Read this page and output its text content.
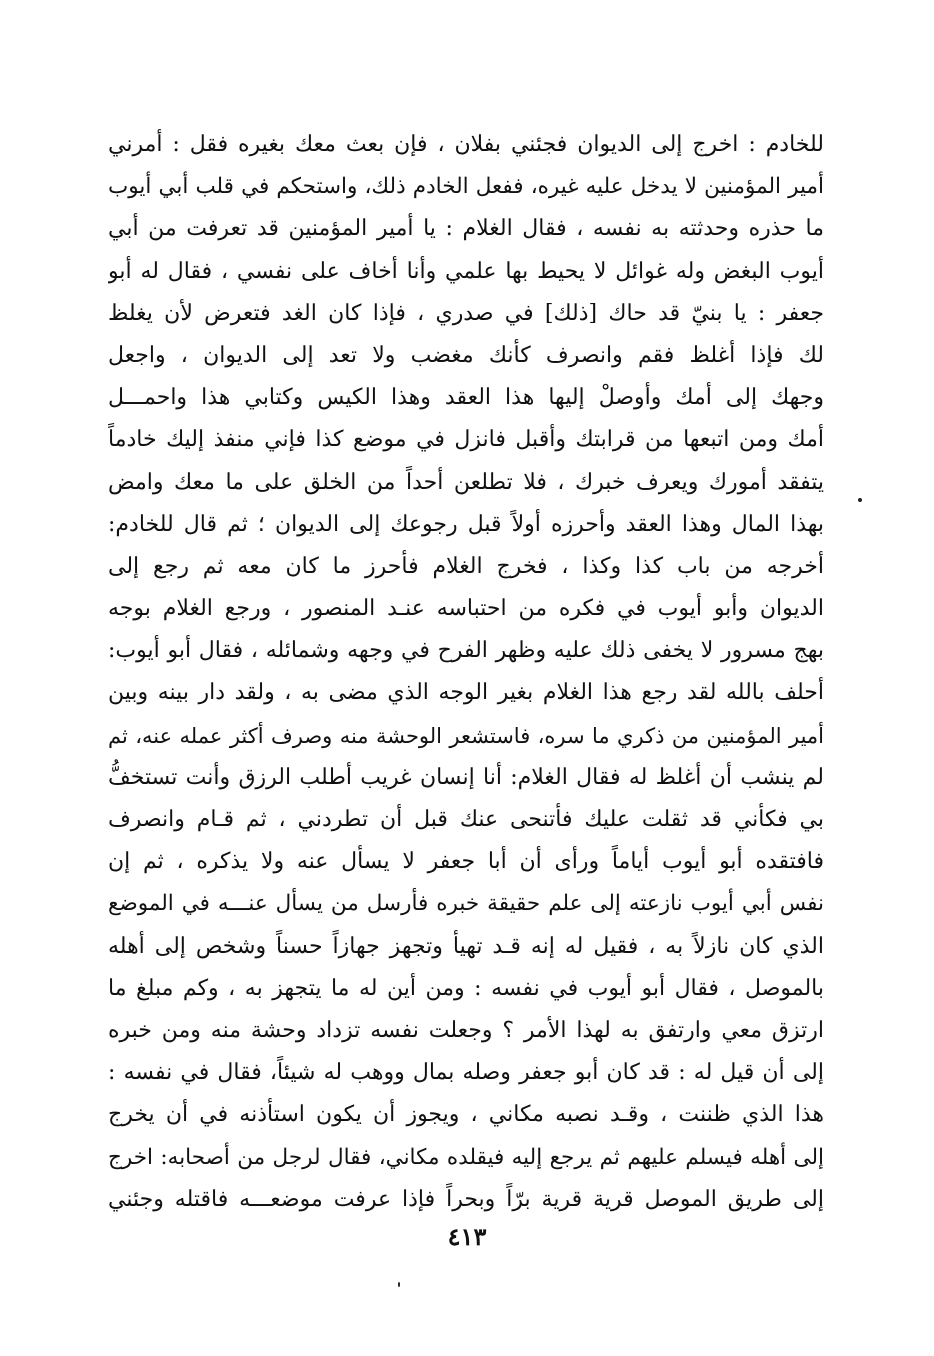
للخادم : اخرج إلى الديوان فجئني بفلان ، فإن بعث معك بغيره فقل : أمرني
أمير المؤمنين لا يدخل عليه غيره، ففعل الخادم ذلك، واستحكم في قلب أبي أيوب
ما حذره وحدثته به نفسه ، فقال الغلام : يا أمير المؤمنين قد تعرفت من أبي
أيوب البغض وله غوائل لا يحيط بها علمي وأنا أخاف على نفسي ، فقال له أبو
جعفر : يا بنيّ قد حاك [ذلك] في صدري ، فإذا كان الغد فتعرض لأن يغلظ
لك فإذا أغلظ فقم وانصرف كأنك مغضب ولا تعد إلى الديوان ، واجعل
وجهك إلى أمك وأوصلْ إليها هذا العقد وهذا الكيس وكتابي هذا واحمـــل
أمك ومن اتبعها من قرابتك وأقبل فانزل في موضع كذا فإني منفذ إليك خادماً
يتفقد أمورك ويعرف خبرك ، فلا تطلعن أحداً من الخلق على ما معك وامض
بهذا المال وهذا العقد وأحرزه أولاً قبل رجوعك إلى الديوان ؛ ثم قال للخادم:
أخرجه من باب كذا وكذا ، فخرج الغلام فأحرز ما كان معه ثم رجع إلى
الديوان وأبو أيوب في فكره من احتباسه عنـد المنصور ، ورجع الغلام بوجه
بهج مسرور لا يخفى ذلك عليه وظهر الفرح في وجهه وشمائله ، فقال أبو أيوب:
أحلف بالله لقد رجع هذا الغلام بغير الوجه الذي مضى به ، ولقد دار بينه وبين
أمير المؤمنين من ذكري ما سره، فاستشعر الوحشة منه وصرف أكثر عمله عنه، ثم
لم ينشب أن أغلظ له فقال الغلام: أنا إنسان غريب أطلب الرزق وأنت تستخفُّ
بي فكأني قد ثقلت عليك فأتنحى عنك قبل أن تطردني ، ثم قـام وانصرف
فافتقده أبو أيوب أياماً ورأى أن أبا جعفر لا يسأل عنه ولا يذكره ، ثم إن
نفس أبي أيوب نازعته إلى علم حقيقة خبره فأرسل من يسأل عنـــه في الموضع
الذي كان نازلاً به ، فقيل له إنه قـد تهيأ وتجهز جهازاً حسناً وشخص إلى أهله
بالموصل ، فقال أبو أيوب في نفسه : ومن أين له ما يتجهز به ، وكم مبلغ ما
ارتزق معي وارتفق به لهذا الأمر ؟ وجعلت نفسه تزداد وحشة منه ومن خبره
إلى أن قيل له : قد كان أبو جعفر وصله بمال ووهب له شيئاً، فقال في نفسه :
هذا الذي ظننت ، وقـد نصبه مكاني ، ويجوز أن يكون استأذنه في أن يخرج
إلى أهله فيسلم عليهم ثم يرجع إليه فيقلده مكاني، فقال لرجل من أصحابه: اخرج
إلى طريق الموصل قرية قرية برّاً وبحراً فإذا عرفت موضعـــه فاقتله وجئني
٤١٣
